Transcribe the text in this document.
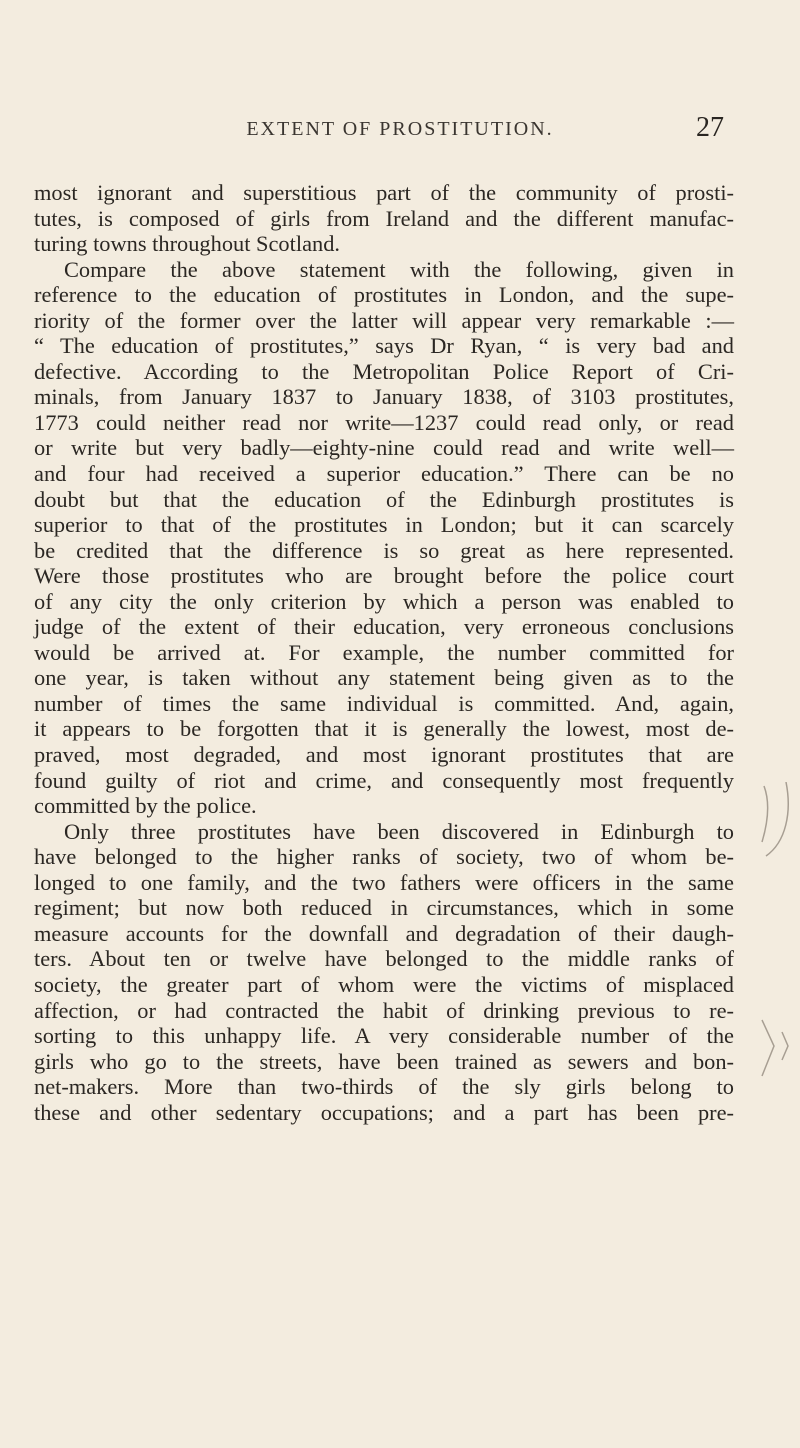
EXTENT OF PROSTITUTION.	27
most ignorant and superstitious part of the community of prosti-
tutes, is composed of girls from Ireland and the different manufac-
turing towns throughout Scotland.
Compare the above statement with the following, given in
reference to the education of prostitutes in London, and the supe-
riority of the former over the latter will appear very remarkable :—
“ The education of prostitutes,” says Dr Ryan, “ is very bad and
defective. According to the Metropolitan Police Report of Cri-
minals, from January 1837 to January 1838, of 3103 prostitutes,
1773 could neither read nor write—1237 could read only, or read
or write but very badly—eighty-nine could read and write well—
and four had received a superior education.” There can be no
doubt but that the education of the Edinburgh prostitutes is
superior to that of the prostitutes in London; but it can scarcely
be credited that the difference is so great as here represented.
Were those prostitutes who are brought before the police court
of any city the only criterion by which a person was enabled to
judge of the extent of their education, very erroneous conclusions
would be arrived at. For example, the number committed for
one year, is taken without any statement being given as to the
number of times the same individual is committed. And, again,
it appears to be forgotten that it is generally the lowest, most de-
praved, most degraded, and most ignorant prostitutes that are
found guilty of riot and crime, and consequently most frequently
committed by the police.
Only three prostitutes have been discovered in Edinburgh to
have belonged to the higher ranks of society, two of whom be-
longed to one family, and the two fathers were officers in the same
regiment; but now both reduced in circumstances, which in some
measure accounts for the downfall and degradation of their daugh-
ters. About ten or twelve have belonged to the middle ranks of
society, the greater part of whom were the victims of misplaced
affection, or had contracted the habit of drinking previous to re-
sorting to this unhappy life. A very considerable number of the
girls who go to the streets, have been trained as sewers and bon-
net-makers. More than two-thirds of the sly girls belong to
these and other sedentary occupations; and a part has been pre-
